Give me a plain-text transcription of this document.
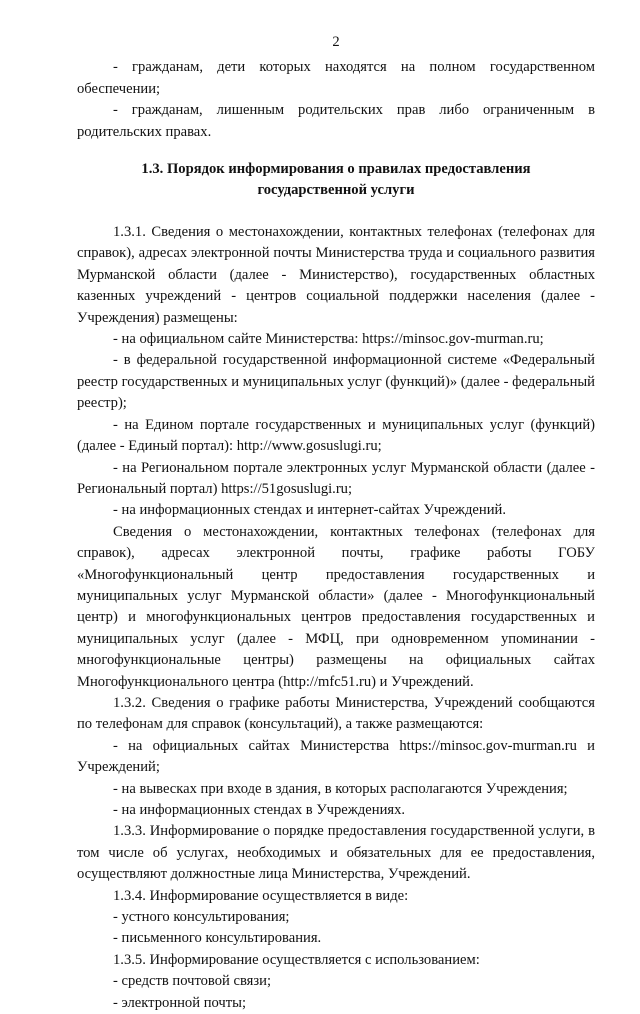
2

- гражданам, дети которых находятся на полном государственном обеспечении;

- гражданам, лишенным родительских прав либо ограниченным в родительских правах.

1.3. Порядок информирования о правилах предоставления
государственной услуги

1.3.1. Сведения о местонахождении, контактных телефонах (телефонах для справок), адресах электронной почты Министерства труда и социального развития Мурманской области (далее - Министерство), государственных областных казенных учреждений - центров социальной поддержки населения (далее - Учреждения) размещены:

- на официальном сайте Министерства: https://minsoc.gov-murman.ru;

- в федеральной государственной информационной системе «Федеральный реестр государственных и муниципальных услуг (функций)» (далее - федеральный реестр);

- на Едином портале государственных и муниципальных услуг (функций) (далее - Единый портал): http://www.gosuslugi.ru;

- на Региональном портале электронных услуг Мурманской области (далее - Региональный портал) https://51gosuslugi.ru;

- на информационных стендах и интернет-сайтах Учреждений.

Сведения о местонахождении, контактных телефонах (телефонах для справок), адресах электронной почты, графике работы ГОБУ «Многофункциональный центр предоставления государственных и муниципальных услуг Мурманской области» (далее - Многофункциональный центр) и многофункциональных центров предоставления государственных и муниципальных услуг (далее - МФЦ, при одновременном упоминании - многофункциональные центры) размещены на официальных сайтах Многофункционального центра (http://mfc51.ru) и Учреждений.

1.3.2. Сведения о графике работы Министерства, Учреждений сообщаются по телефонам для справок (консультаций), а также размещаются:

- на официальных сайтах Министерства https://minsoc.gov-murman.ru и Учреждений;

- на вывесках при входе в здания, в которых располагаются Учреждения;

- на информационных стендах в Учреждениях.

1.3.3. Информирование о порядке предоставления государственной услуги, в том числе об услугах, необходимых и обязательных для ее предоставления, осуществляют должностные лица Министерства, Учреждений.

1.3.4. Информирование осуществляется в виде:

- устного консультирования;

- письменного консультирования.

1.3.5. Информирование осуществляется с использованием:

- средств почтовой связи;

- электронной почты;
